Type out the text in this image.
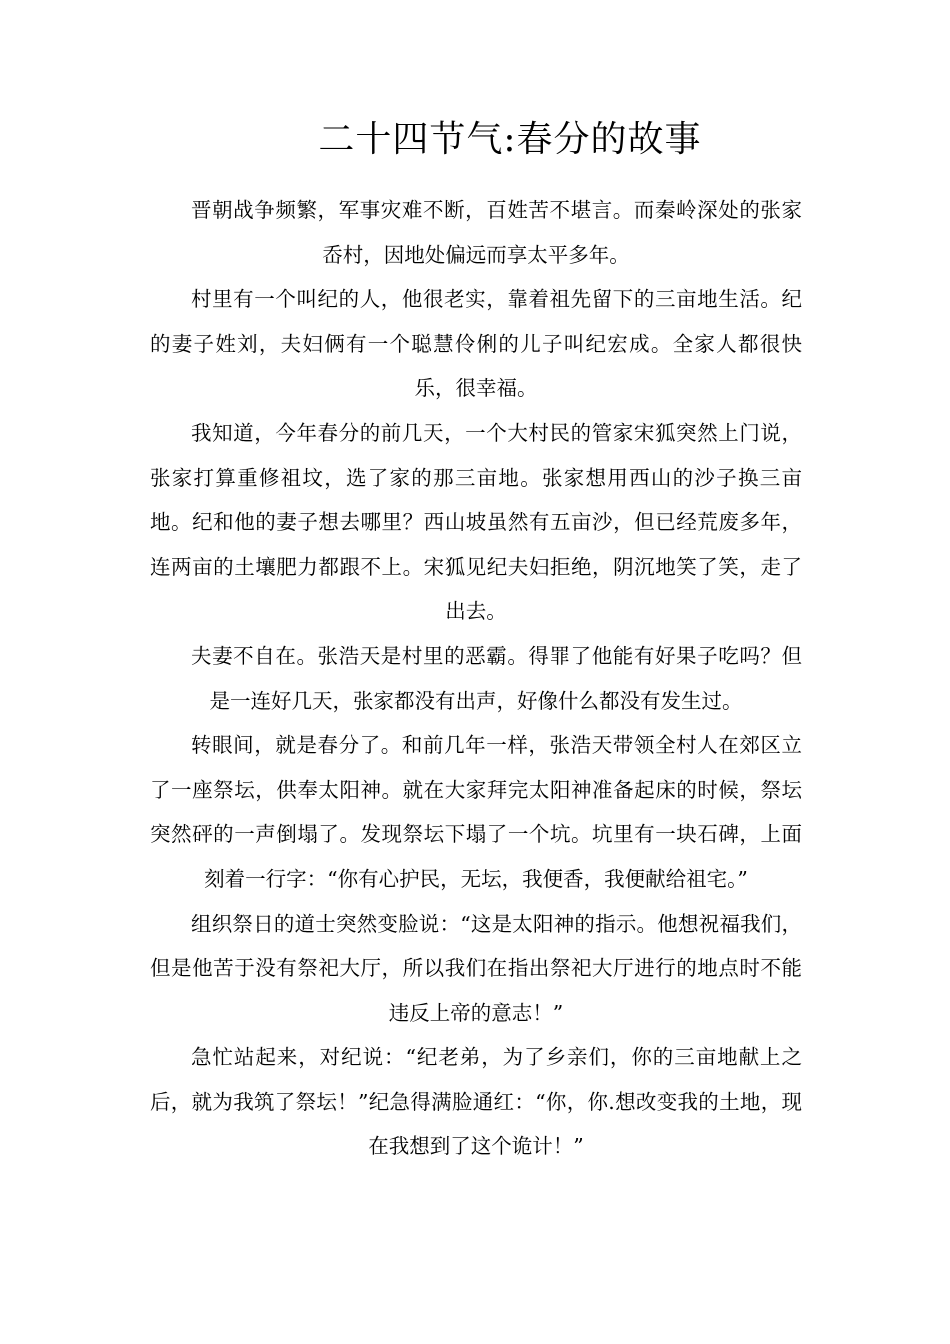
二十四节气:春分的故事

晋朝战争频繁，军事灾难不断，百姓苦不堪言。而秦岭深处的张家岙村，因地处偏远而享太平多年。

村里有一个叫纪的人，他很老实，靠着祖先留下的三亩地生活。纪的妻子姓刘，夫妇俩有一个聪慧伶俐的儿子叫纪宏成。全家人都很快乐，很幸福。

我知道，今年春分的前几天，一个大村民的管家宋狐突然上门说，张家打算重修祖坟，选了家的那三亩地。张家想用西山的沙子换三亩地。纪和他的妻子想去哪里？西山坡虽然有五亩沙，但已经荒废多年，连两亩的土壤肥力都跟不上。宋狐见纪夫妇拒绝，阴沉地笑了笑，走了出去。

夫妻不自在。张浩天是村里的恶霸。得罪了他能有好果子吃吗？但是一连好几天，张家都没有出声，好像什么都没有发生过。

转眼间，就是春分了。和前几年一样，张浩天带领全村人在郊区立了一座祭坛，供奉太阳神。就在大家拜完太阳神准备起床的时候，祭坛突然砰的一声倒塌了。发现祭坛下塌了一个坑。坑里有一块石碑，上面刻着一行字：“你有心护民，无坛，我便香，我便献给祖宅。”

组织祭日的道士突然变脸说：“这是太阳神的指示。他想祝福我们，但是他苦于没有祭祀大厅，所以我们在指出祭祀大厅进行的地点时不能违反上帝的意志！”

急忙站起来，对纪说：“纪老弟，为了乡亲们，你的三亩地献上之后，就为我筑了祭坛！”纪急得满脸通红：“你，你.想改变我的土地，现在我想到了这个诡计！”
